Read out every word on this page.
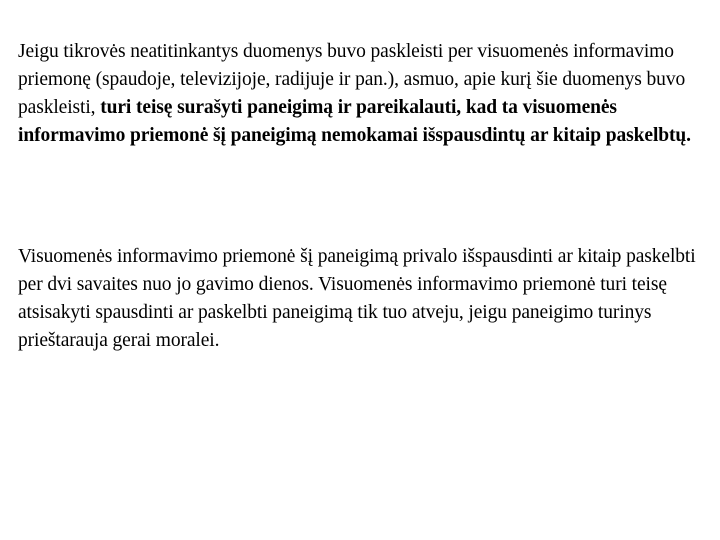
Jeigu tikrovės neatitinkantys duomenys buvo paskleisti per visuomenės informavimo priemonę (spaudoje, televizijoje, radijuje ir pan.), asmuo, apie kurį šie duomenys buvo paskleisti, turi teisę surašyti paneigimą ir pareikalauti, kad ta visuomenės informavimo priemonė šį paneigimą nemokamai išspausdintų ar kitaip paskelbtų.

Visuomenės informavimo priemonė šį paneigimą privalo išspausdinti ar kitaip paskelbti per dvi savaites nuo jo gavimo dienos. Visuomenės informavimo priemonė turi teisę atsisakyti spausdinti ar paskelbti paneigimą tik tuo atveju, jeigu paneigimo turinys prieštarauja gerai moralei.
